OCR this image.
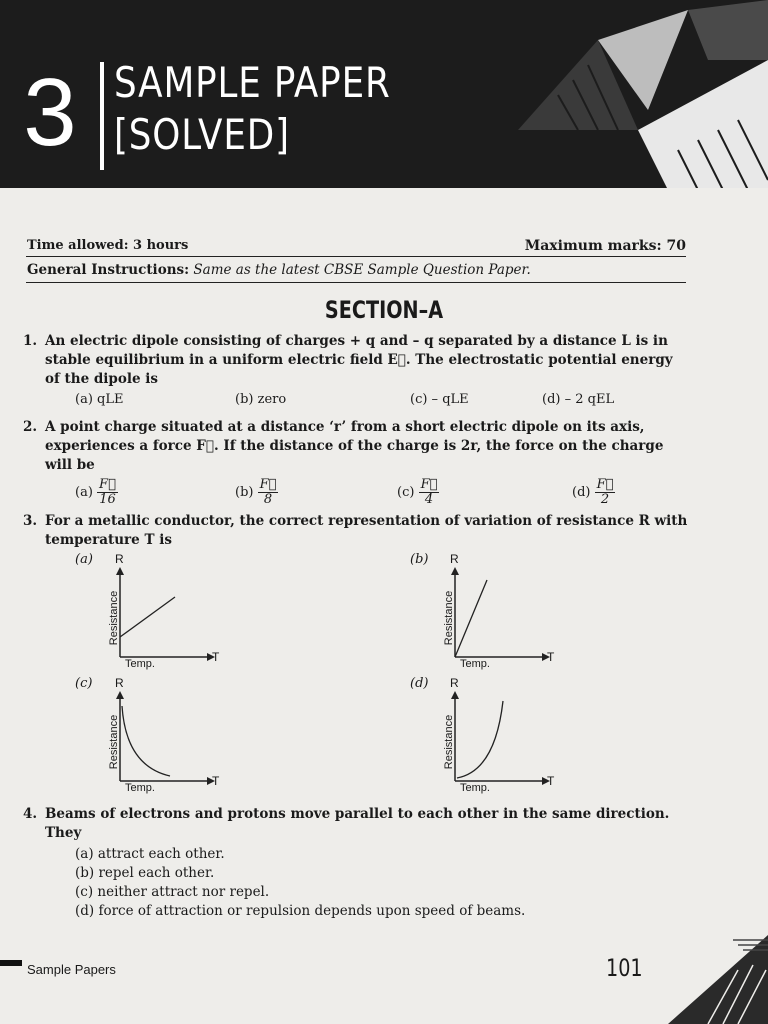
3 SAMPLE PAPER
[SOLVED]
Time allowed: 3 hours	Maximum marks: 70
General Instructions: Same as the latest CBSE Sample Question Paper.
SECTION–A
1. An electric dipole consisting of charges + q and – q separated by a distance L is in stable equilibrium in a uniform electric field E⃗. The electrostatic potential energy of the dipole is
(a) qLE	(b) zero	(c) – qLE	(d) – 2 qEL
2. A point charge situated at a distance ‘r’ from a short electric dipole on its axis, experiences a force F⃗. If the distance of the charge is 2r, the force on the charge will be
$(a) \frac{F⃗}{16}$	$(b) \frac{F⃗}{8}$	$(c) \frac{F⃗}{4}$	$(d) \frac{F⃗}{2}$
3. For a metallic conductor, the correct representation of variation of resistance R with temperature T is
(a) R
T
Resistance
Temp.
(b) R
T
Resistance
Temp.
(c) R
T
Resistance
Temp.
(d) R
T
Resistance
Temp.
4. Beams of electrons and protons move parallel to each other in the same direction. They
(a) attract each other.
(b) repel each other.
(c) neither attract nor repel.
(d) force of attraction or repulsion depends upon speed of beams.
Sample Papers	101
